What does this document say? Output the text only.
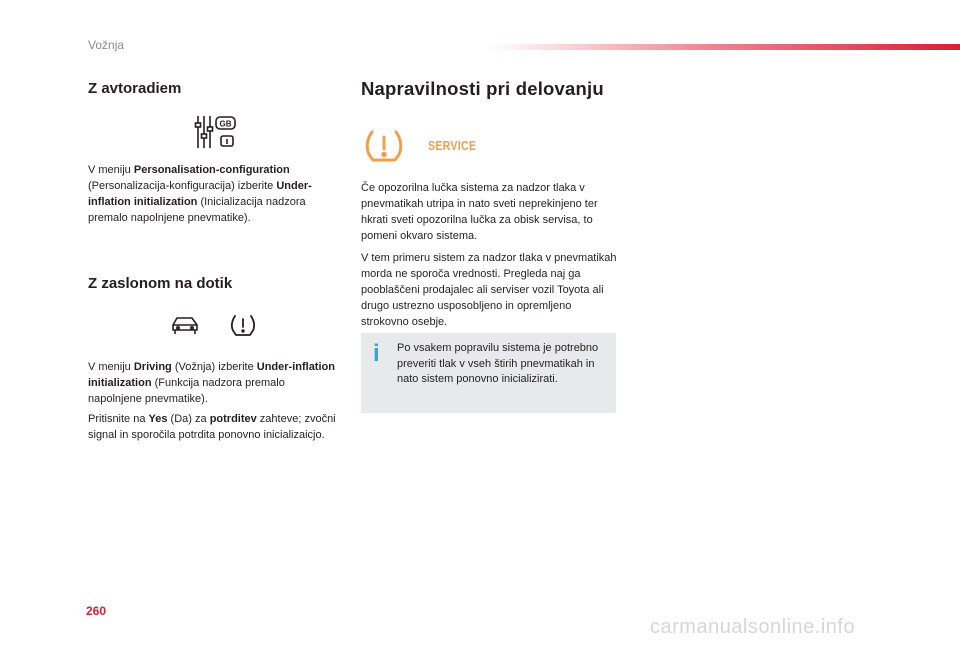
Vožnja
Z avtoradiem
GB

V meniju Personalisation-configuration (Personalizacija-konfiguracija) izberite Under-inflation initialization (Inicializacija nadzora premalo napolnjene pnevmatike).

Z zaslonom na dotik

V meniju Driving (Vožnja) izberite Under-inflation initialization (Funkcija nadzora premalo napolnjene pnevmatike).

Pritisnite na Yes (Da) za potrditev zahteve; zvočni signal in sporočila potrdita ponovno inicializaicjo.

Napravilnosti pri delovanju
SERVICE

Če opozorilna lučka sistema za nadzor tlaka v pnevmatikah utripa in nato sveti neprekinjeno ter hkrati sveti opozorilna lučka za obisk servisa, to pomeni okvaro sistema.

V tem primeru sistem za nadzor tlaka v pnevmatikah morda ne sporoča vrednosti. Pregleda naj ga pooblaščeni prodajalec ali serviser vozil Toyota ali drugo ustrezno usposobljeno in opremljeno strokovno osebje.

i Po vsakem popravilu sistema je potrebno preveriti tlak v vseh štirih pnevmatikah in nato sistem ponovno inicializirati.

260
carmanualsonline.info
